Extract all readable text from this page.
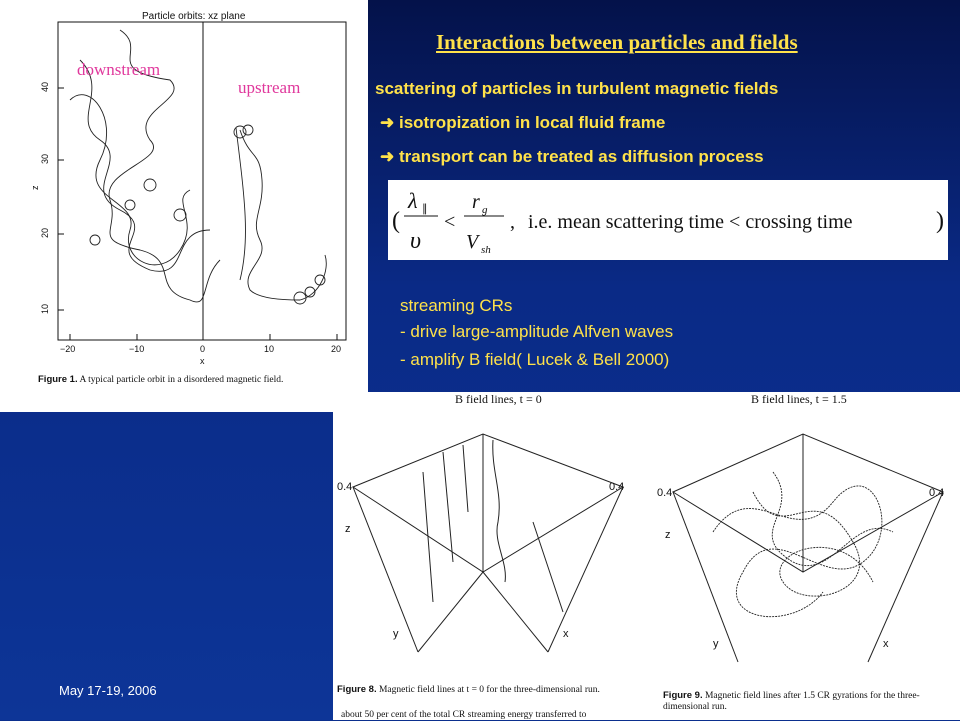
Particle orbits: xz plane
40
30
20
10
z
−20	−10	0	10	20
x
Figure 1. A typical particle orbit in a disordered magnetic field.
downstream
upstream
Interactions between particles and fields
scattering of particles in turbulent magnetic fields
➜ isotropization in local fluid frame
➜ transport can be treated as diffusion process
(
λ ∥
υ
<
r g
V sh
, i.e. mean scattering time < crossing time	)
streaming CRs
- drive large-amplitude Alfven waves
- amplify B field( Lucek & Bell 2000)
B field lines, t = 0	B field lines, t = 1.5
0.4	0.4
y	x
z
0.4	0.4
y	x
z
Figure 8. Magnetic field lines at t = 0 for the three-dimensional run.
about 50 per cent of the total CR streaming energy transferred to
Figure 9. Magnetic field lines after 1.5 CR gyrations for the three-dimensional run.
May 17-19, 2006
